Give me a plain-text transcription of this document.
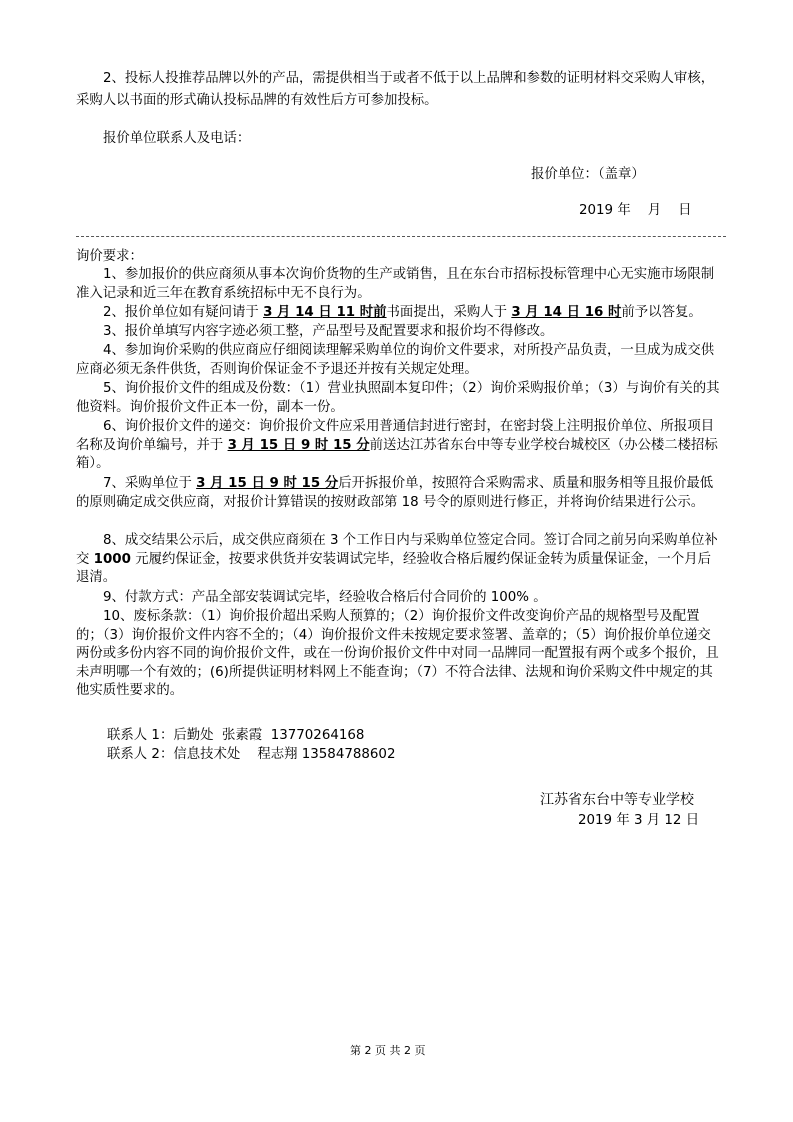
2、投标人投推荐品牌以外的产品，需提供相当于或者不低于以上品牌和参数的证明材料交采购人审核，采购人以书面的形式确认投标品牌的有效性后方可参加投标。
报价单位联系人及电话：
报价单位：（盖章）
2019 年    月    日
询价要求：
1、参加报价的供应商须从事本次询价货物的生产或销售，且在东台市招标投标管理中心无实施市场限制准入记录和近三年在教育系统招标中无不良行为。
2、报价单位如有疑问请于 3 月 14 日 11 时前书面提出，采购人于 3 月 14 日 16 时前予以答复。
3、报价单填写内容字迹必须工整，产品型号及配置要求和报价均不得修改。
4、参加询价采购的供应商应仔细阅读理解采购单位的询价文件要求，对所投产品负责，一旦成为成交供应商必须无条件供货，否则询价保证金不予退还并按有关规定处理。
5、询价报价文件的组成及份数：（1）营业执照副本复印件；（2）询价采购报价单；（3）与询价有关的其他资料。询价报价文件正本一份，副本一份。
6、询价报价文件的递交：询价报价文件应采用普通信封进行密封，在密封袋上注明报价单位、所报项目名称及询价单编号，并于 3 月 15 日 9 时 15 分前送达江苏省东台中等专业学校台城校区（办公楼二楼招标箱）。
7、采购单位于 3 月 15 日 9 时 15 分后开拆报价单，按照符合采购需求、质量和服务相等且报价最低的原则确定成交供应商，对报价计算错误的按财政部第 18 号令的原则进行修正，并将询价结果进行公示。
8、成交结果公示后，成交供应商须在 3 个工作日内与采购单位签定合同。签订合同之前另向采购单位补交 1000 元履约保证金，按要求供货并安装调试完毕，经验收合格后履约保证金转为质量保证金，一个月后退清。
9、付款方式：产品全部安装调试完毕，经验收合格后付合同价的 100% 。
10、废标条款：（1）询价报价超出采购人预算的；（2）询价报价文件改变询价产品的规格型号及配置的；（3）询价报价文件内容不全的；（4）询价报价文件未按规定要求签署、盖章的；（5）询价报价单位递交两份或多份内容不同的询价报价文件，或在一份询价报价文件中对同一品牌同一配置报有两个或多个报价，且未声明哪一个有效的；(6)所提供证明材料网上不能查询；（7）不符合法律、法规和询价采购文件中规定的其他实质性要求的。
联系人 1：后勤处  张素霞  13770264168
联系人 2：信息技术处    程志翔 13584788602
江苏省东台中等专业学校
2019 年 3 月 12 日
第 2 页 共 2 页
